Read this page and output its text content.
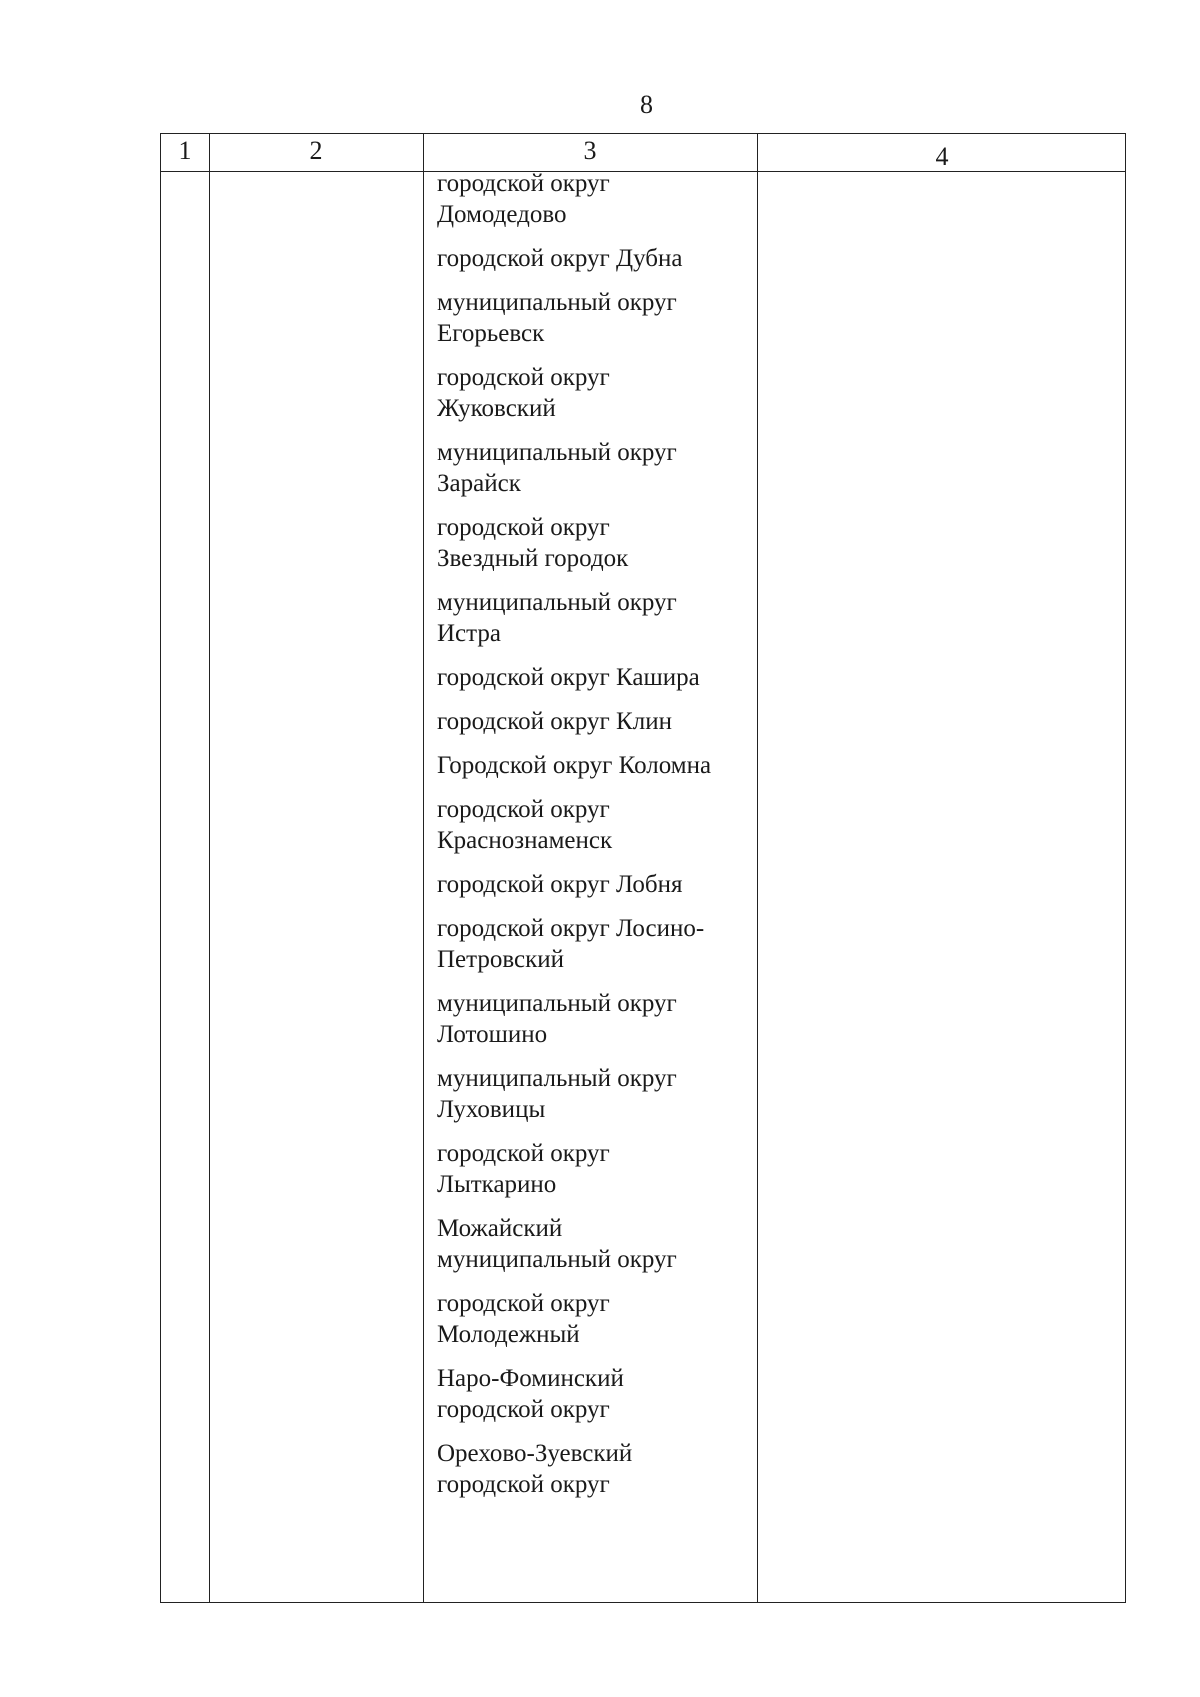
8
1	2	3	4
городской округ
Домодедово
городской округ Дубна
муниципальный округ
Егорьевск
городской округ
Жуковский
муниципальный округ
Зарайск
городской округ
Звездный городок
муниципальный округ
Истра
городской округ Кашира
городской округ Клин
Городской округ Коломна
городской округ
Краснознаменск
городской округ Лобня
городской округ Лосино-
Петровский
муниципальный округ
Лотошино
муниципальный округ
Луховицы
городской округ
Лыткарино
Можайский
муниципальный округ
городской округ
Молодежный
Наро-Фоминский
городской округ
Орехово-Зуевский
городской округ
